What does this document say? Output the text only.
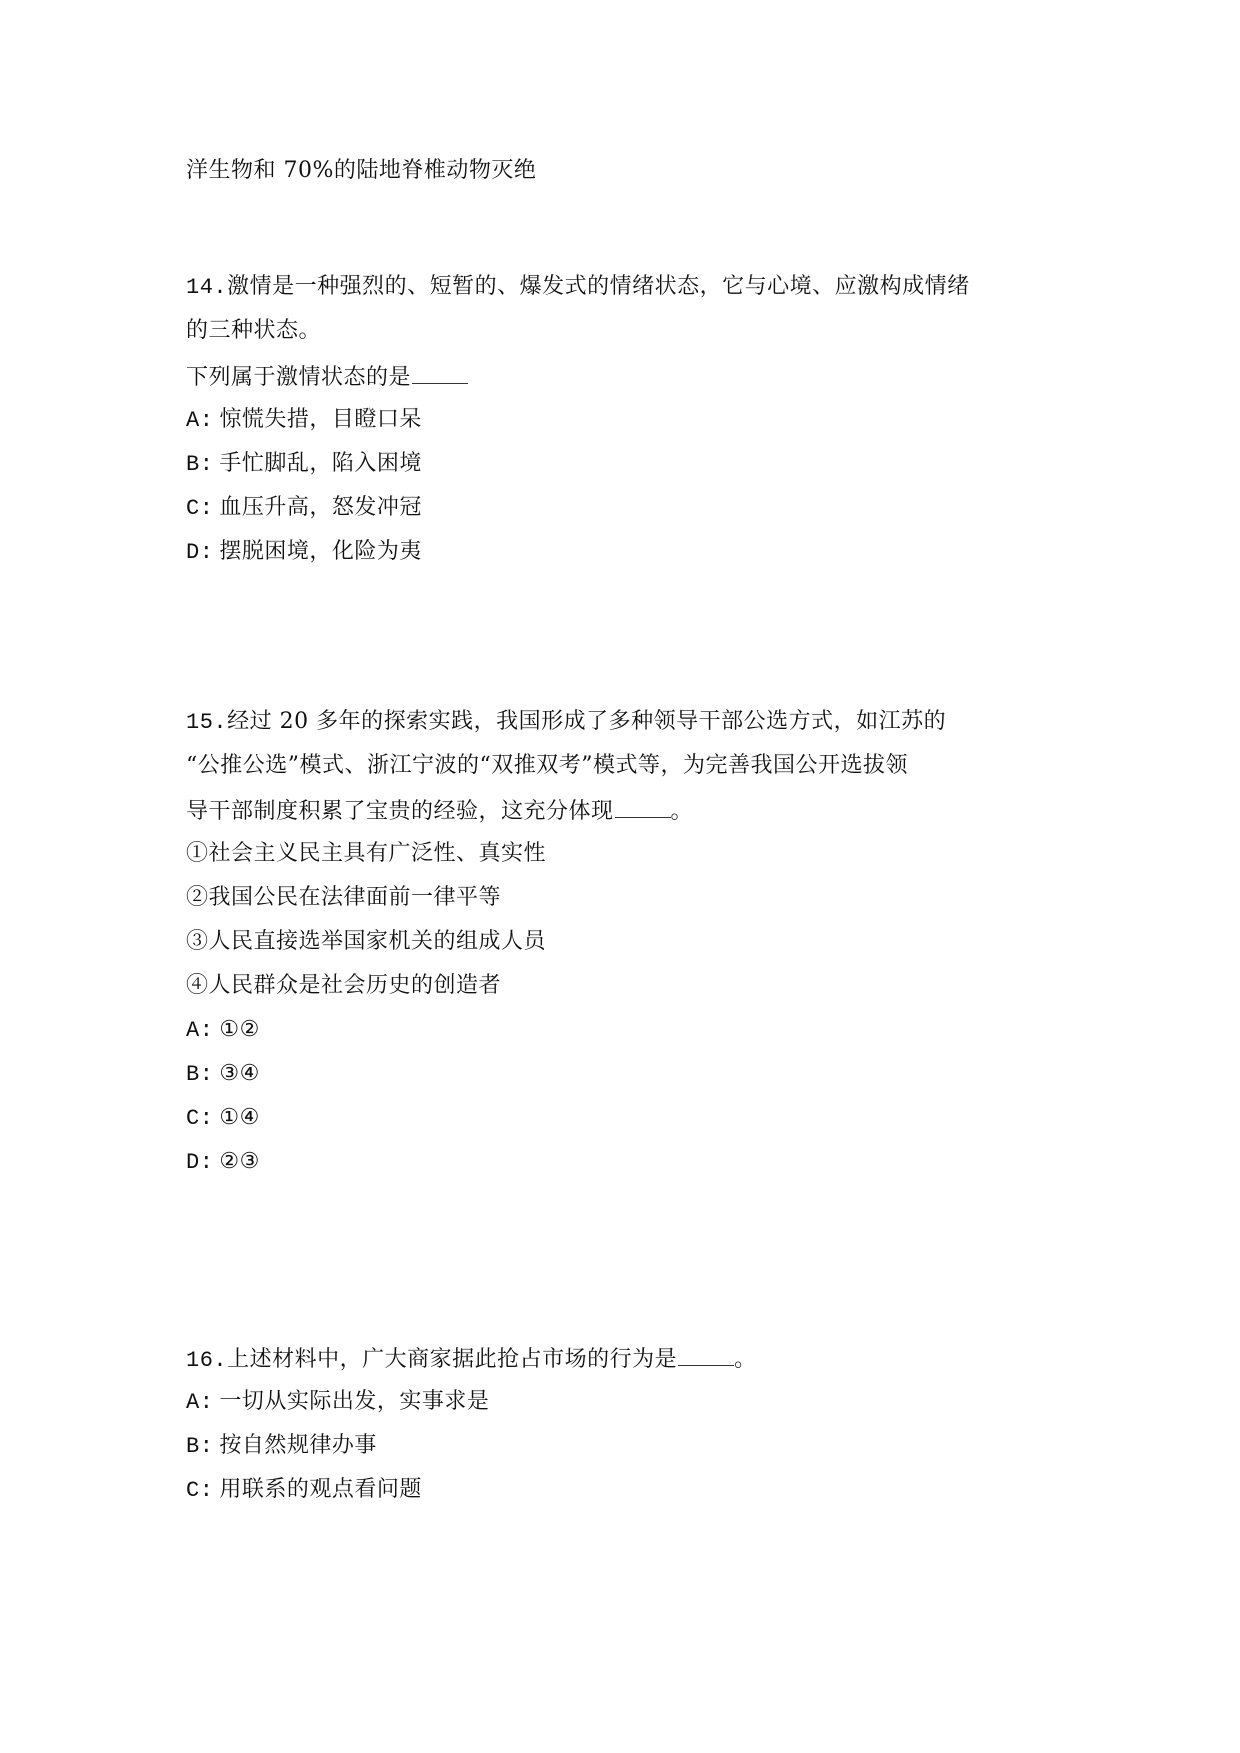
洋生物和 70%的陆地脊椎动物灭绝
14.激情是一种强烈的、短暂的、爆发式的情绪状态，它与心境、应激构成情绪
的三种状态。
下列属于激情状态的是
A: 惊慌失措，目瞪口呆
B: 手忙脚乱，陷入困境
C: 血压升高，怒发冲冠
D: 摆脱困境，化险为夷
15.经过 20 多年的探索实践，我国形成了多种领导干部公选方式，如江苏的
“公推公选”模式、浙江宁波的“双推双考”模式等，为完善我国公开选拔领
导干部制度积累了宝贵的经验，这充分体现	。
①社会主义民主具有广泛性、真实性
②我国公民在法律面前一律平等
③人民直接选举国家机关的组成人员
④人民群众是社会历史的创造者
A: ①②
B: ③④
C: ①④
D: ②③
16.上述材料中，广大商家据此抢占市场的行为是	。
A: 一切从实际出发，实事求是
B: 按自然规律办事
C: 用联系的观点看问题
